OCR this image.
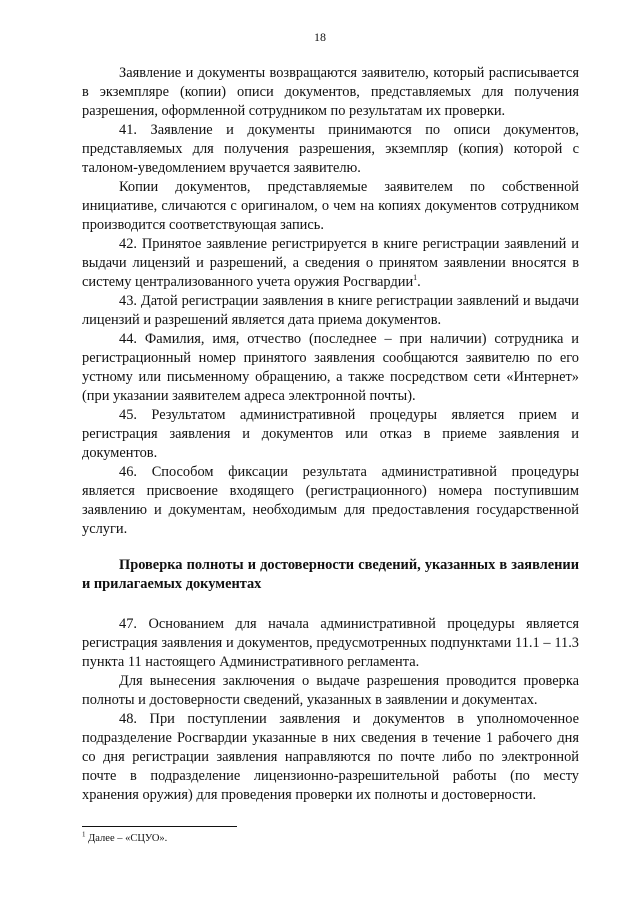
18

Заявление и документы возвращаются заявителю, который расписывается в экземпляре (копии) описи документов, представляемых для получения разрешения, оформленной сотрудником по результатам их проверки.

41. Заявление и документы принимаются по описи документов, представляемых для получения разрешения, экземпляр (копия) которой с талоном-уведомлением вручается заявителю.

Копии документов, представляемые заявителем по собственной инициативе, сличаются с оригиналом, о чем на копиях документов сотрудником производится соответствующая запись.

42. Принятое заявление регистрируется в книге регистрации заявлений и выдачи лицензий и разрешений, а сведения о принятом заявлении вносятся в систему централизованного учета оружия Росгвардии$^1$.

43. Датой регистрации заявления в книге регистрации заявлений и выдачи лицензий и разрешений является дата приема документов.

44. Фамилия, имя, отчество (последнее – при наличии) сотрудника и регистрационный номер принятого заявления сообщаются заявителю по его устному или письменному обращению, а также посредством сети «Интернет» (при указании заявителем адреса электронной почты).

45. Результатом административной процедуры является прием и регистрация заявления и документов или отказ в приеме заявления и документов.

46. Способом фиксации результата административной процедуры является присвоение входящего (регистрационного) номера поступившим заявлению и документам, необходимым для предоставления государственной услуги.

Проверка полноты и достоверности сведений, указанных в заявлении и прилагаемых документах

47. Основанием для начала административной процедуры является регистрация заявления и документов, предусмотренных подпунктами 11.1 – 11.3 пункта 11 настоящего Административного регламента.

Для вынесения заключения о выдаче разрешения проводится проверка полноты и достоверности сведений, указанных в заявлении и документах.

48. При поступлении заявления и документов в уполномоченное подразделение Росгвардии указанные в них сведения в течение 1 рабочего дня со дня регистрации заявления направляются по почте либо по электронной почте в подразделение лицензионно-разрешительной работы (по месту хранения оружия) для проведения проверки их полноты и достоверности.

$^1$ Далее – «СЦУО».
